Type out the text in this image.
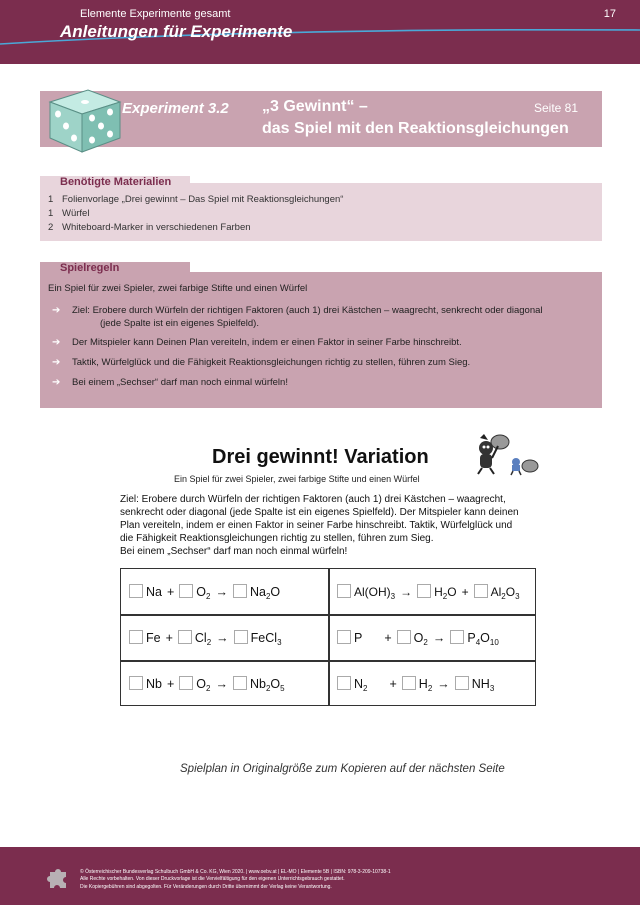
Elemente Experimente gesamt	17
Anleitungen für Experimente
Experiment 3.2 „3 Gewinnt“ –
das Spiel mit den Reaktionsgleichungen
Seite 81
Benötigte Materialien
1 Folienvorlage „Drei gewinnt – Das Spiel mit Reaktionsgleichungen“
1 Würfel
2 Whiteboard-Marker in verschiedenen Farben
Spielregeln
Ein Spiel für zwei Spieler, zwei farbige Stifte und einen Würfel
➔ Ziel: Erobere durch Würfeln der richtigen Faktoren (auch 1) drei Kästchen – waagrecht, senkrecht oder diagonal
(jede Spalte ist ein eigenes Spielfeld).
➔ Der Mitspieler kann Deinen Plan vereiteln, indem er einen Faktor in seiner Farbe hinschreibt.
➔ Taktik, Würfelglück und die Fähigkeit Reaktionsgleichungen richtig zu stellen, führen zum Sieg.
➔ Bei einem „Sechser“ darf man noch einmal würfeln!
Drei gewinnt! Variation
Ein Spiel für zwei Spieler, zwei farbige Stifte und einen Würfel
Ziel: Erobere durch Würfeln der richtigen Faktoren (auch 1) drei Kästchen – waagrecht,
senkrecht oder diagonal (jede Spalte ist ein eigenes Spielfeld). Der Mitspieler kann deinen
Plan vereiteln, indem er einen Faktor in seiner Farbe hinschreibt. Taktik, Würfelglück und
die Fähigkeit Reaktionsgleichungen richtig zu stellen, führen zum Sieg.
Bei einem „Sechser“ darf man noch einmal würfeln!
$Na + O_2 \to Na_2O$
$Fe + Cl_2$ → FeCl$_3$
$Nb + O_2 \to Nb_2O_5$
$Al(OH)_3 \to H_2O + Al_2O_3$
$P + O_2 \to P_4O_{10}$
$N_2 + H_2 \to NH_3$
Spielplan in Originalgröße zum Kopieren auf der nächsten Seite
© Österreichischer Bundesverlag Schulbuch GmbH & Co. KG, Wien 2020. | www.oebv.at | EL-MO | Elemente 5B | ISBN: 978-3-209-10738-1
Alle Rechte vorbehalten. Von dieser Druckvorlage ist die Vervielfältigung für den eigenen Unterrichtsgebrauch gestattet.
Die Kopiergebühren sind abgegolten. Für Veränderungen durch Dritte übernimmt der Verlag keine Verantwortung.
